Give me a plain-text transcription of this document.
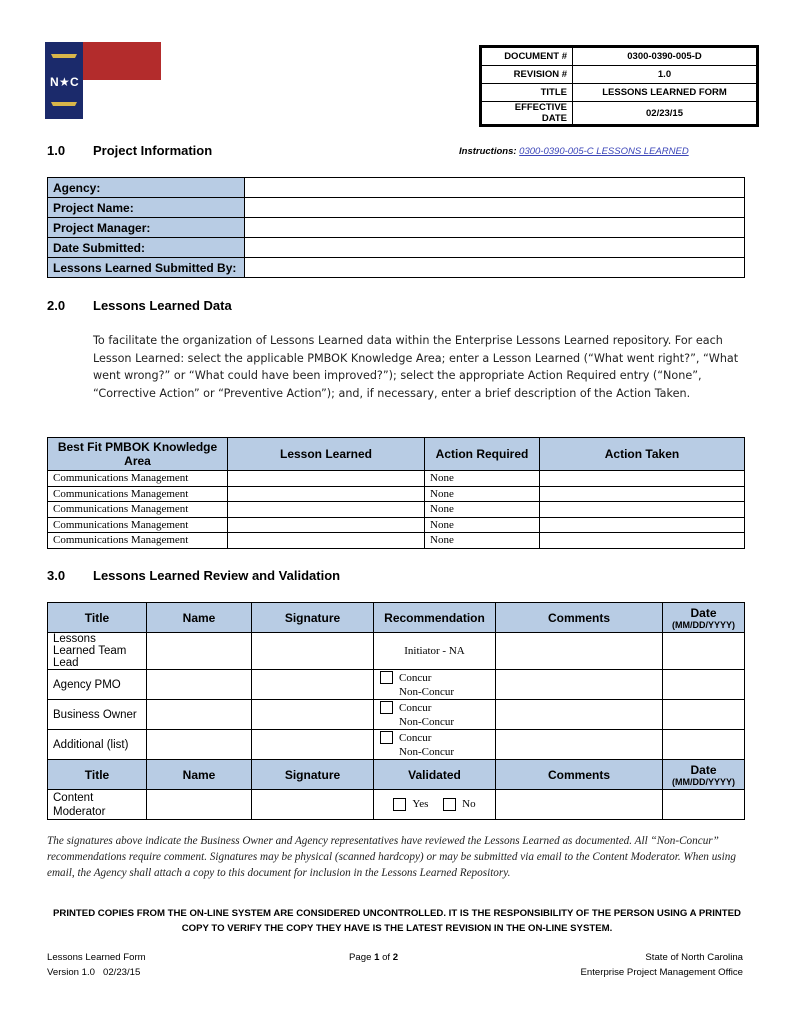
N ★ C
DOCUMENT #	0300-0390-005-D
REVISION #	1.0
TITLE	LESSONS LEARNED FORM
EFFECTIVE DATE	02/23/15
1.0 Project Information	Instructions: 0300-0390-005-C LESSONS LEARNED
Agency:	
Project Name:	
Project Manager:	
Date Submitted:	
Lessons Learned Submitted By:	
2.0 Lessons Learned Data
To facilitate the organization of Lessons Learned data within the Enterprise Lessons Learned repository. For each Lesson Learned: select the applicable PMBOK Knowledge Area; enter a Lesson Learned (“What went right?”, “What went wrong?” or “What could have been improved?”); select the appropriate Action Required entry (“None”, “Corrective Action” or “Preventive Action”); and, if necessary, enter a brief description of the Action Taken.
Best Fit PMBOK Knowledge Area	Lesson Learned	Action Required	Action Taken
Communications Management		None	
Communications Management		None	
Communications Management		None	
Communications Management		None	
Communications Management		None	
3.0 Lessons Learned Review and Validation
Title	Name	Signature	Recommendation	Comments	Date
(MM/DD/YYYY)

Lessons Learned Team Lead			Initiator - NA		
Agency PMO			Concur
Non-Concur		

Business Owner			Concur
Non-Concur		

Additional (list)			Concur
Non-Concur		

Title	Name	Signature	Validated	Comments	Date
(MM/DD/YYYY)

Content Moderator			Yes No		
The signatures above indicate the Business Owner and Agency representatives have reviewed the Lessons Learned as documented. All “Non-Concur” recommendations require comment. Signatures may be physical (scanned hardcopy) or may be submitted via email to the Content Moderator. When using email, the Agency shall attach a copy to this document for inclusion in the Lessons Learned Repository.
PRINTED COPIES FROM THE ON-LINE SYSTEM ARE CONSIDERED UNCONTROLLED. IT IS THE RESPONSIBILITY OF THE PERSON USING A PRINTED
COPY TO VERIFY THE COPY THEY HAVE IS THE LATEST REVISION IN THE ON-LINE SYSTEM.
Lessons Learned Form
Version 1.0   02/23/15
Page 1 of 2	State of North Carolina
Enterprise Project Management Office
